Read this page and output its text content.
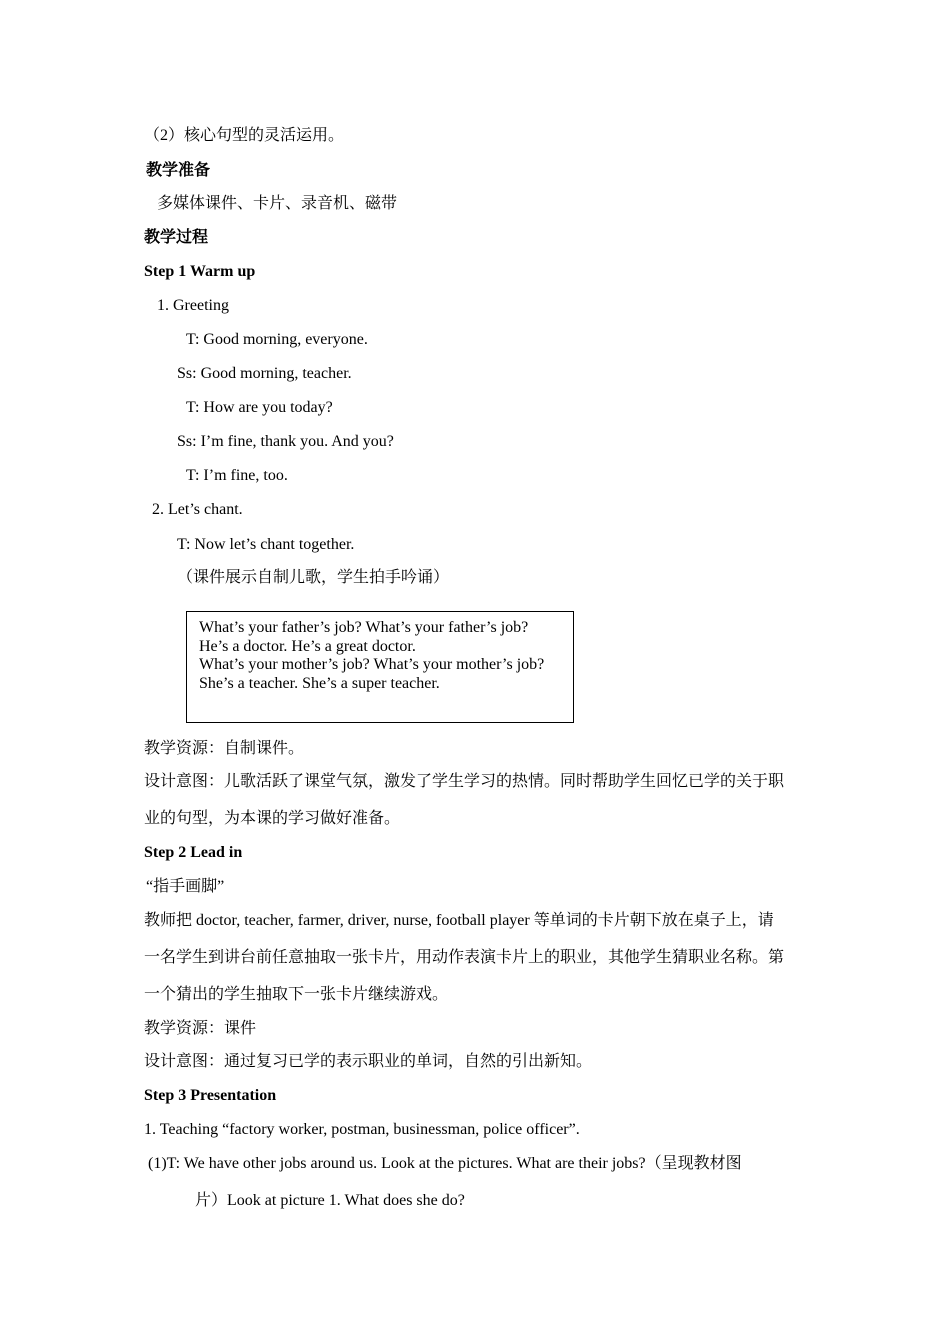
（2）核心句型的灵活运用。
教学准备
多媒体课件、卡片、录音机、磁带
教学过程
Step 1 Warm up
1. Greeting
T: Good morning, everyone.
Ss: Good morning, teacher.
T: How are you today?
Ss: I’m fine, thank you. And you?
T: I’m fine, too.
2. Let’s chant.
T: Now let’s chant together.
（课件展示自制儿歌，学生拍手吟诵）
What’s your father’s job? What’s your father’s job?
He’s a doctor. He’s a great doctor.
What’s your mother’s job? What’s your mother’s job?
She’s a teacher. She’s a super teacher.
教学资源：自制课件。
设计意图：儿歌活跃了课堂气氛，激发了学生学习的热情。同时帮助学生回忆已学的关于职
业的句型，为本课的学习做好准备。
Step 2 Lead in
“指手画脚”
教师把 doctor, teacher, farmer, driver, nurse, football player 等单词的卡片朝下放在桌子上，请
一名学生到讲台前任意抽取一张卡片，用动作表演卡片上的职业，其他学生猜职业名称。第
一个猜出的学生抽取下一张卡片继续游戏。
教学资源：课件
设计意图：通过复习已学的表示职业的单词，自然的引出新知。
Step 3 Presentation
1. Teaching “factory worker, postman, businessman, police officer”.
(1)T: We have other jobs around us. Look at the pictures. What are their jobs?（呈现教材图
片）Look at picture 1. What does she do?
